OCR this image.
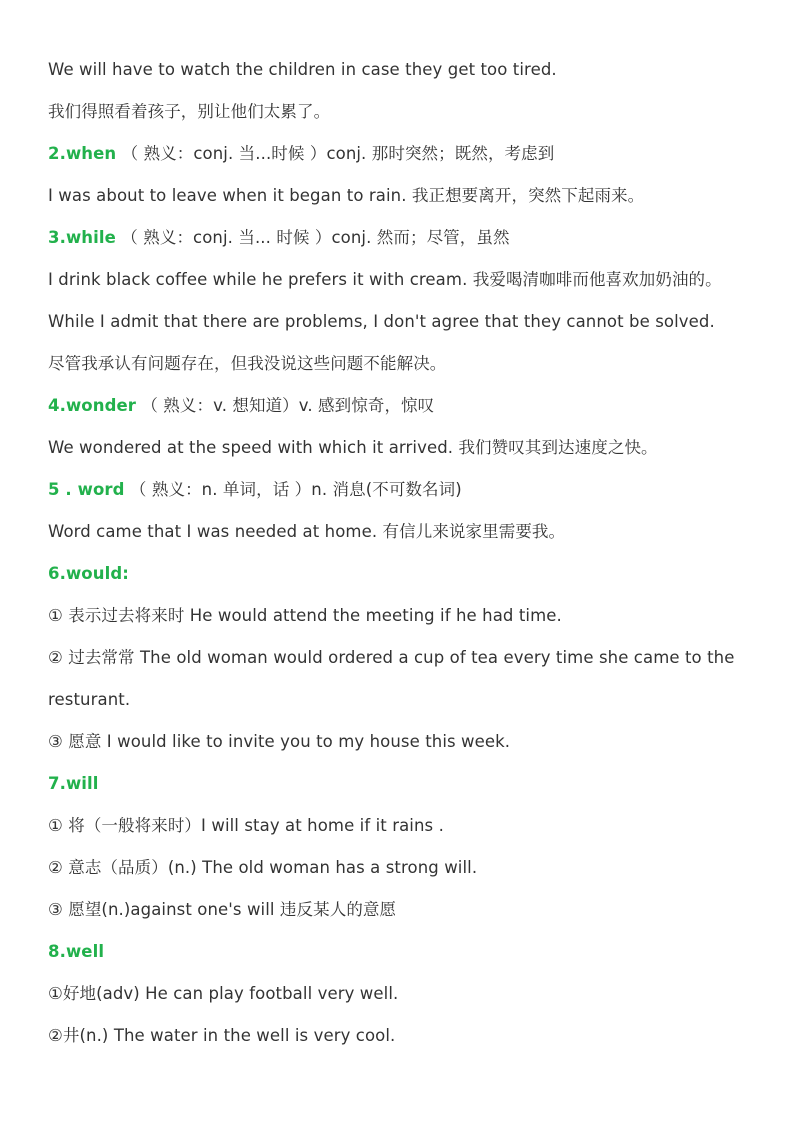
We will have to watch the children in case they get too tired.
我们得照看着孩子，别让他们太累了。
2.when （ 熟义：conj. 当...时候 ）conj. 那时突然；既然，考虑到
I was about to leave when it began to rain. 我正想要离开，突然下起雨来。
3.while （ 熟义：conj. 当... 时候 ）conj. 然而；尽管，虽然
I drink black coffee while he prefers it with cream. 我爱喝清咖啡而他喜欢加奶油的。
While I admit that there are problems, I don't agree that they cannot be solved.
尽管我承认有问题存在，但我没说这些问题不能解决。
4.wonder （ 熟义：v. 想知道）v. 感到惊奇，惊叹
We wondered at the speed with which it arrived. 我们赞叹其到达速度之快。
5 . word （ 熟义：n. 单词，话 ）n. 消息(不可数名词)
Word came that I was needed at home. 有信儿来说家里需要我。
6.would:
① 表示过去将来时 He would attend the meeting if he had time.
② 过去常常 The old woman would ordered a cup of tea every time she came to the
resturant.
③ 愿意 I would like to invite you to my house this week.
7.will
① 将（一般将来时）I will stay at home if it rains .
② 意志（品质）(n.) The old woman has a strong will.
③ 愿望(n.)against one's will 违反某人的意愿
8.well
①好地(adv) He can play football very well.
②井(n.) The water in the well is very cool.
